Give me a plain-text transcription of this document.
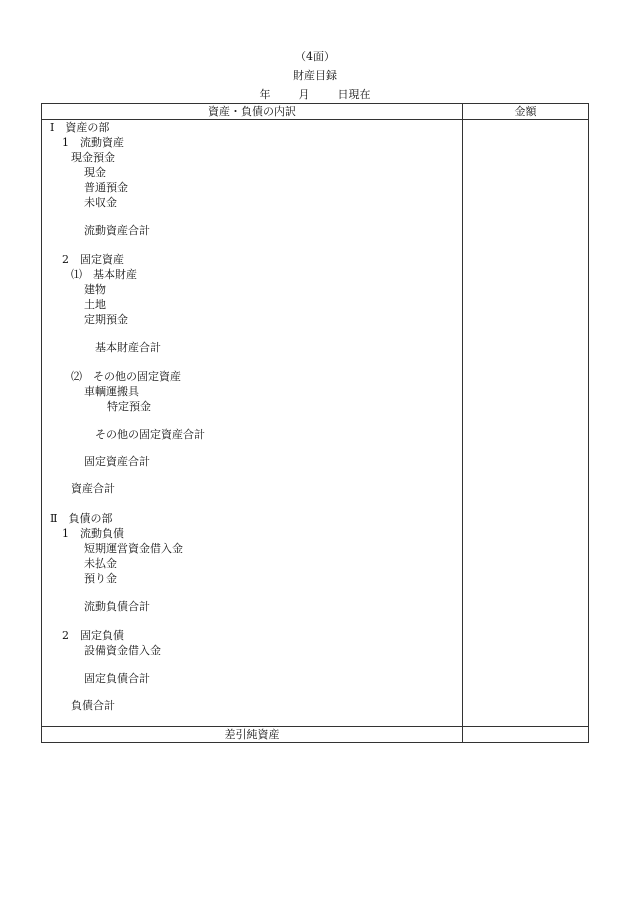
（4面）
財産目録
年	月	日現在
資産・負債の内訳	金額
Ⅰ　資産の部
1　流動資産
現金預金
現金
普通預金
未収金
流動資産合計
2　固定資産
⑴　基本財産
建物
土地
定期預金
基本財産合計
⑵　その他の固定資産
車輌運搬具
特定預金
その他の固定資産合計
固定資産合計
資産合計
Ⅱ　負債の部
1　流動負債
短期運営資金借入金
未払金
預り金
流動負債合計
2　固定負債
設備資金借入金
固定負債合計
負債合計
差引純資産
